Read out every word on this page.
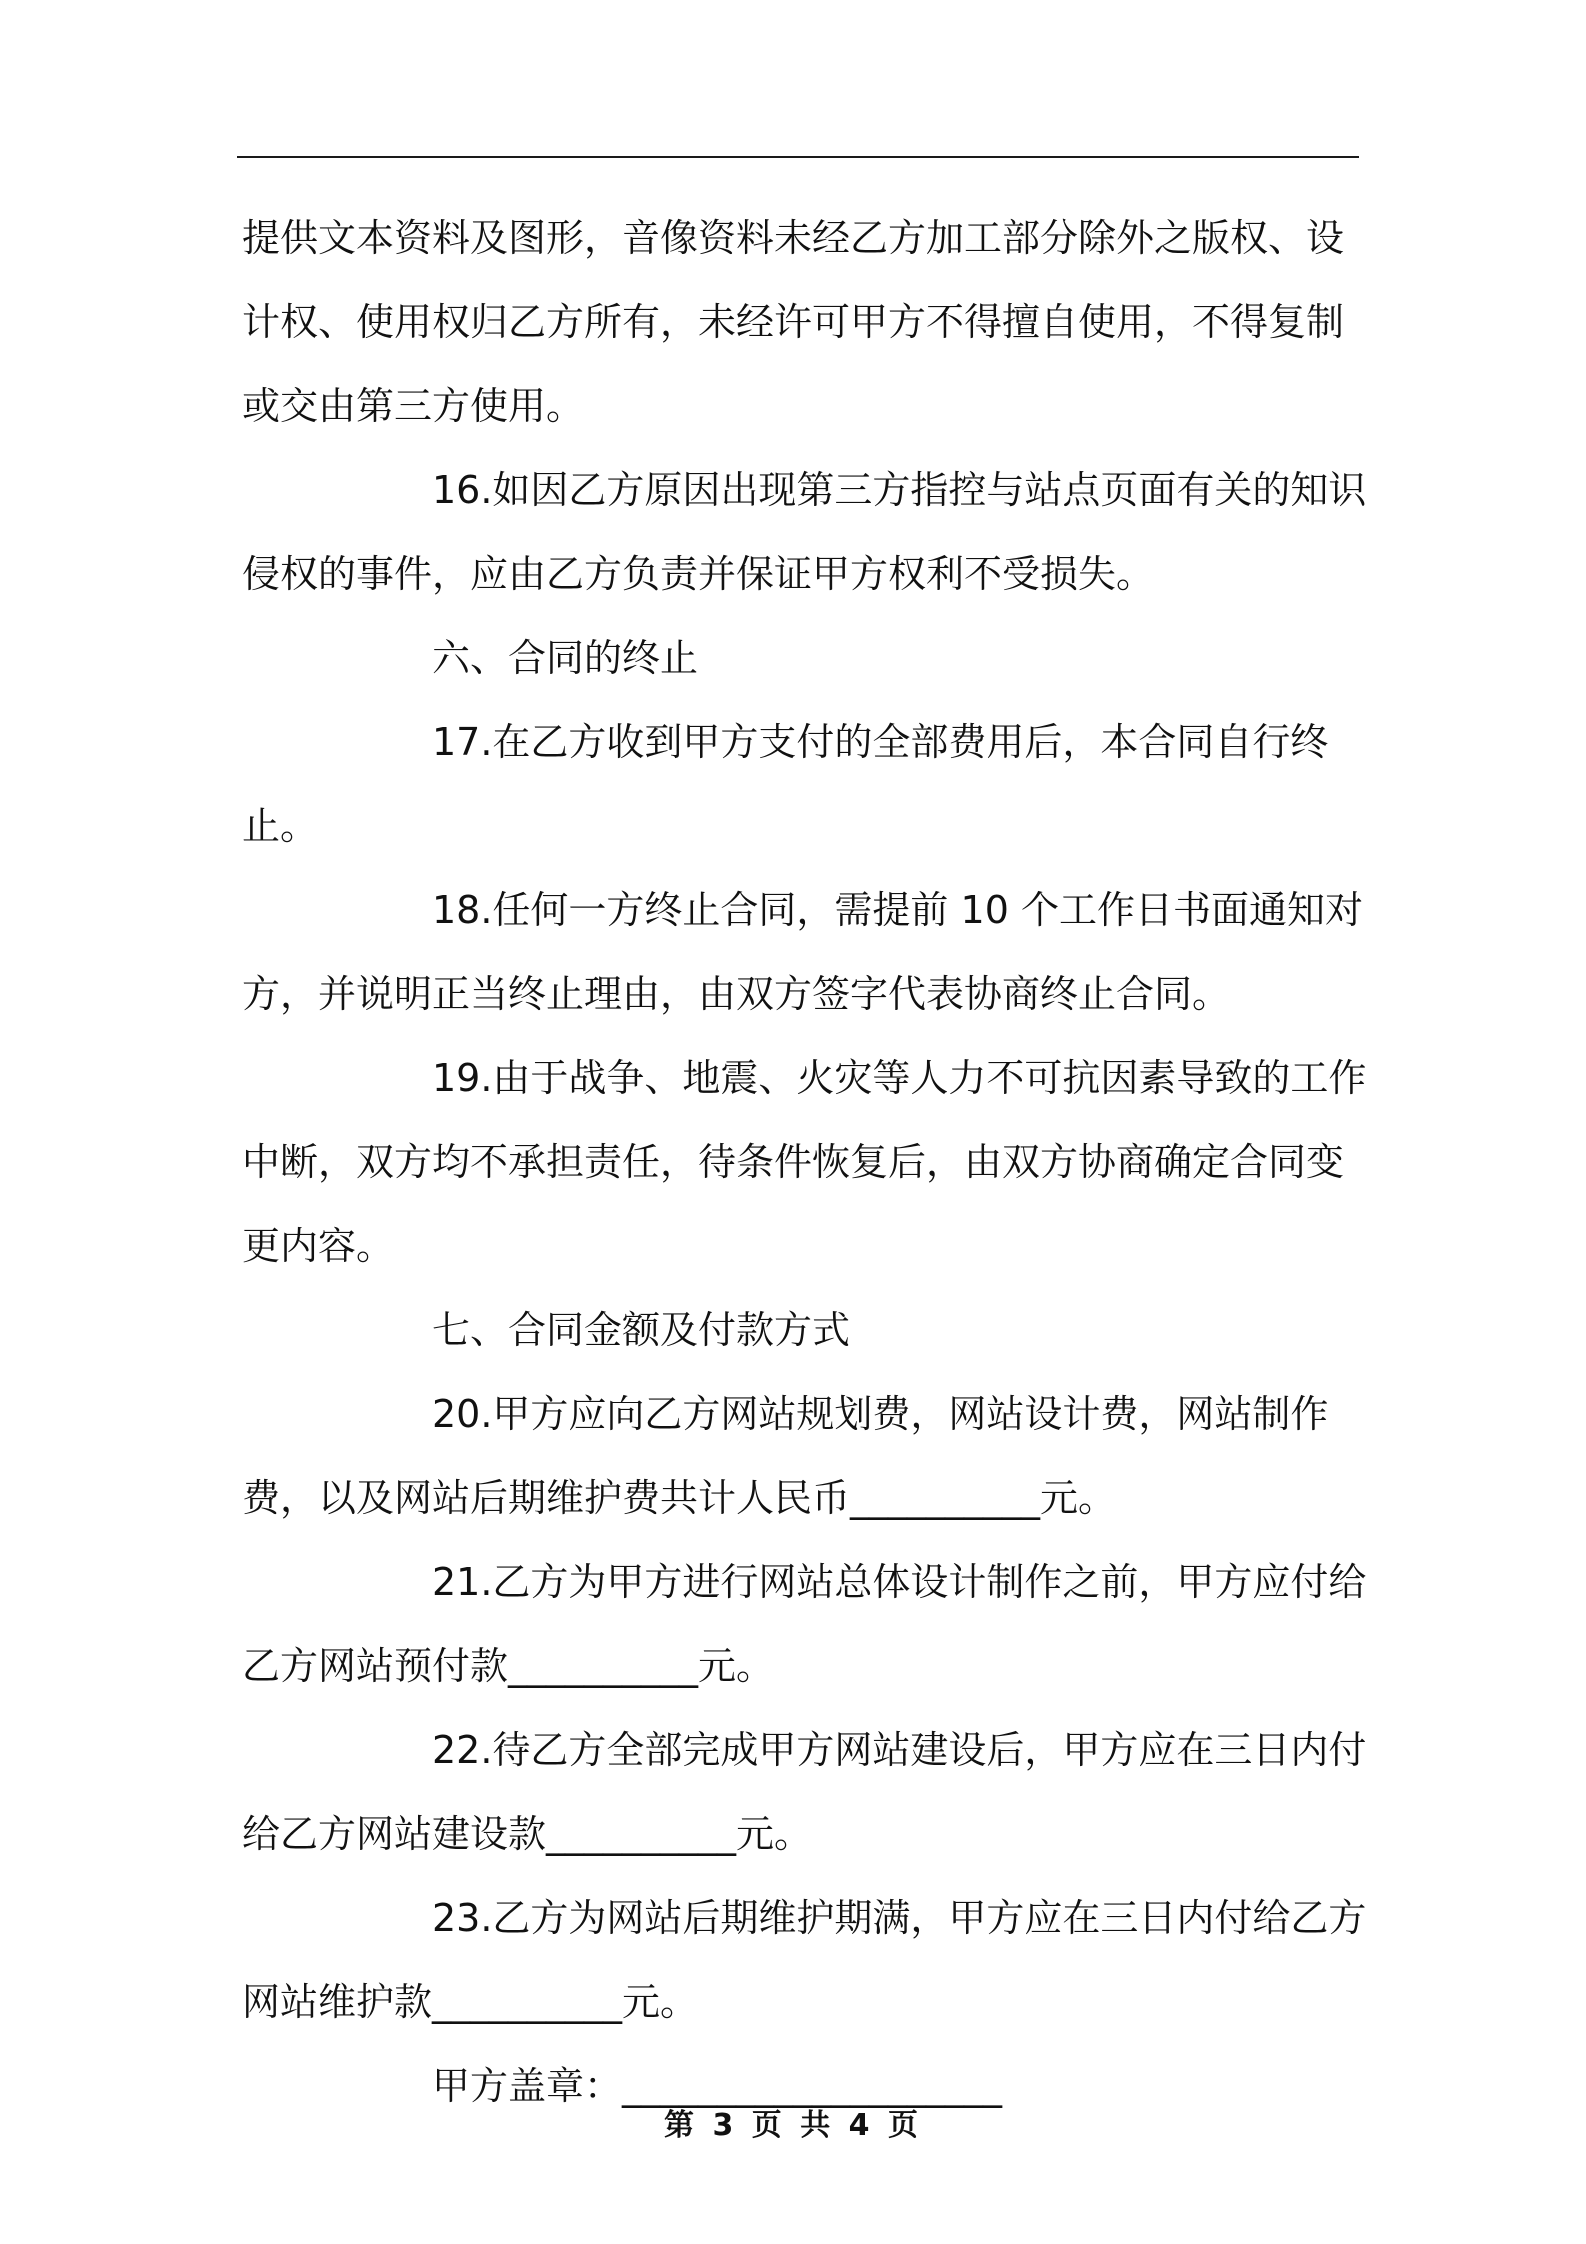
提供文本资料及图形，音像资料未经乙方加工部分除外之版权、设计权、使用权归乙方所有，未经许可甲方不得擅自使用，不得复制或交由第三方使用。

16.如因乙方原因出现第三方指控与站点页面有关的知识侵权的事件，应由乙方负责并保证甲方权利不受损失。

六、合同的终止

17.在乙方收到甲方支付的全部费用后，本合同自行终止。

18.任何一方终止合同，需提前 10 个工作日书面通知对方，并说明正当终止理由，由双方签字代表协商终止合同。

19.由于战争、地震、火灾等人力不可抗因素导致的工作中断，双方均不承担责任，待条件恢复后，由双方协商确定合同变更内容。

七、合同金额及付款方式

20.甲方应向乙方网站规划费，网站设计费，网站制作费，以及网站后期维护费共计人民币__________元。

21.乙方为甲方进行网站总体设计制作之前，甲方应付给乙方网站预付款__________元。

22.待乙方全部完成甲方网站建设后，甲方应在三日内付给乙方网站建设款__________元。

23.乙方为网站后期维护期满，甲方应在三日内付给乙方网站维护款__________元。

甲方盖章：____________________

第 3 页 共 4 页
